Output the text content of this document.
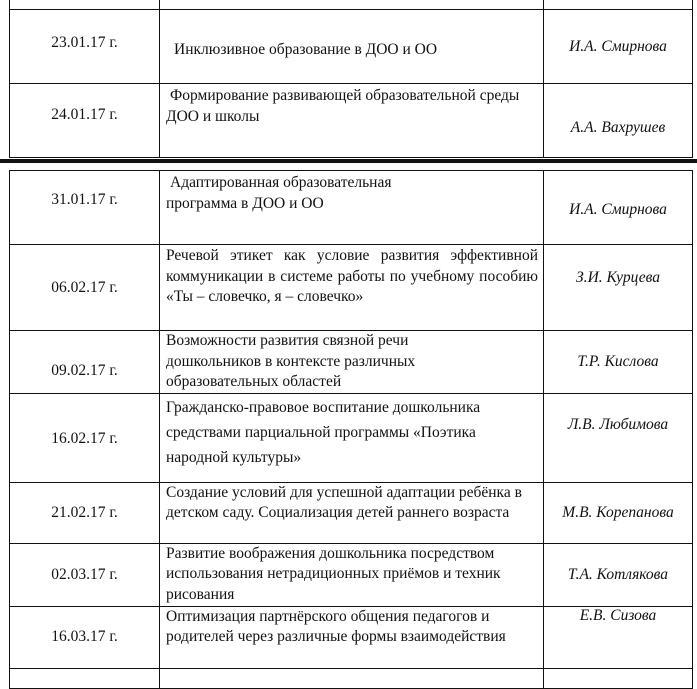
23.01.17 г.	Инклюзивное образование в ДОО и ОО	И.А. Смирнова
24.01.17 г.	Формирование развивающей образовательной среды ДОО и школы	А.А. Вахрушев
31.01.17 г.	Адаптированная образовательная программа в ДОО и ОО	И.А. Смирнова
06.02.17 г.	Речевой этикет как условие развития эффективной коммуникации в системе работы по учебному пособию «Ты – словечко, я – словечко»	З.И. Курцева
09.02.17 г.	Возможности развития связной речи дошкольников в контексте различных образовательных областей	Т.Р. Кислова
16.02.17 г.	Гражданско-правовое воспитание дошкольника средствами парциальной программы «Поэтика народной культуры»	Л.В. Любимова
21.02.17 г.	Создание условий для успешной адаптации ребёнка в детском саду. Социализация детей раннего возраста	М.В. Корепанова
02.03.17 г.	Развитие воображения дошкольника посредством использования нетрадиционных приёмов и техник рисования	Т.А. Котлякова
16.03.17 г.	Оптимизация партнёрского общения педагогов и родителей через различные формы взаимодействия	Е.В. Сизова
